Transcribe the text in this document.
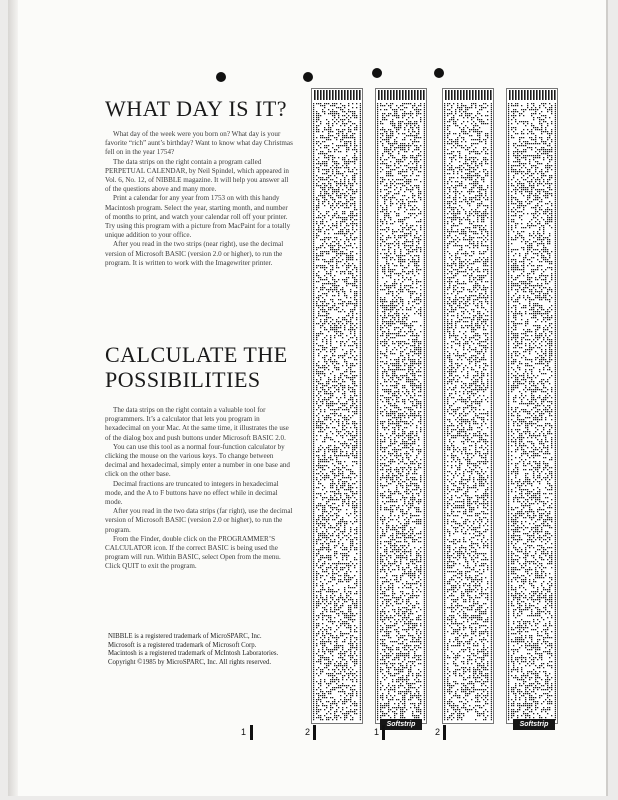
WHAT DAY IS IT?

What day of the week were you born on? What day is your favorite “rich” aunt’s birthday? Want to know what day Christmas fell on in the year 1754?

The data strips on the right contain a program called PERPETUAL CALENDAR, by Neil Spindel, which appeared in Vol. 6, No. 12, of NIBBLE magazine. It will help you answer all of the questions above and many more.

Print a calendar for any year from 1753 on with this handy Macintosh program. Select the year, starting month, and number of months to print, and watch your calendar roll off your printer. Try using this program with a picture from MacPaint for a totally unique addition to your office.

After you read in the two strips (near right), use the decimal version of Microsoft BASIC (version 2.0 or higher), to run the program. It is written to work with the Imagewriter printer.

CALCULATE THE
POSSIBILITIES

The data strips on the right contain a valuable tool for programmers. It’s a calculator that lets you program in hexadecimal on your Mac. At the same time, it illustrates the use of the dialog box and push buttons under Microsoft BASIC 2.0.

You can use this tool as a normal four-function calculator by clicking the mouse on the various keys. To change between decimal and hexadecimal, simply enter a number in one base and click on the other base.

Decimal fractions are truncated to integers in hexadecimal mode, and the A to F buttons have no effect while in decimal mode.

After you read in the two data strips (far right), use the decimal version of Microsoft BASIC (version 2.0 or higher), to run the program.

From the Finder, double click on the PROGRAMMER’S CALCULATOR icon. If the correct BASIC is being used the program will run. Within BASIC, select Open from the menu. Click QUIT to exit the program.

NIBBLE is a registered trademark of MicroSPARC, Inc.
Microsoft is a registered trademark of Microsoft Corp.
Macintosh is a registered trademark of McIntosh Laboratories.
Copyright ©1985 by MicroSPARC, Inc. All rights reserved.
1	2
Softstrip
1	2
Softstrip
